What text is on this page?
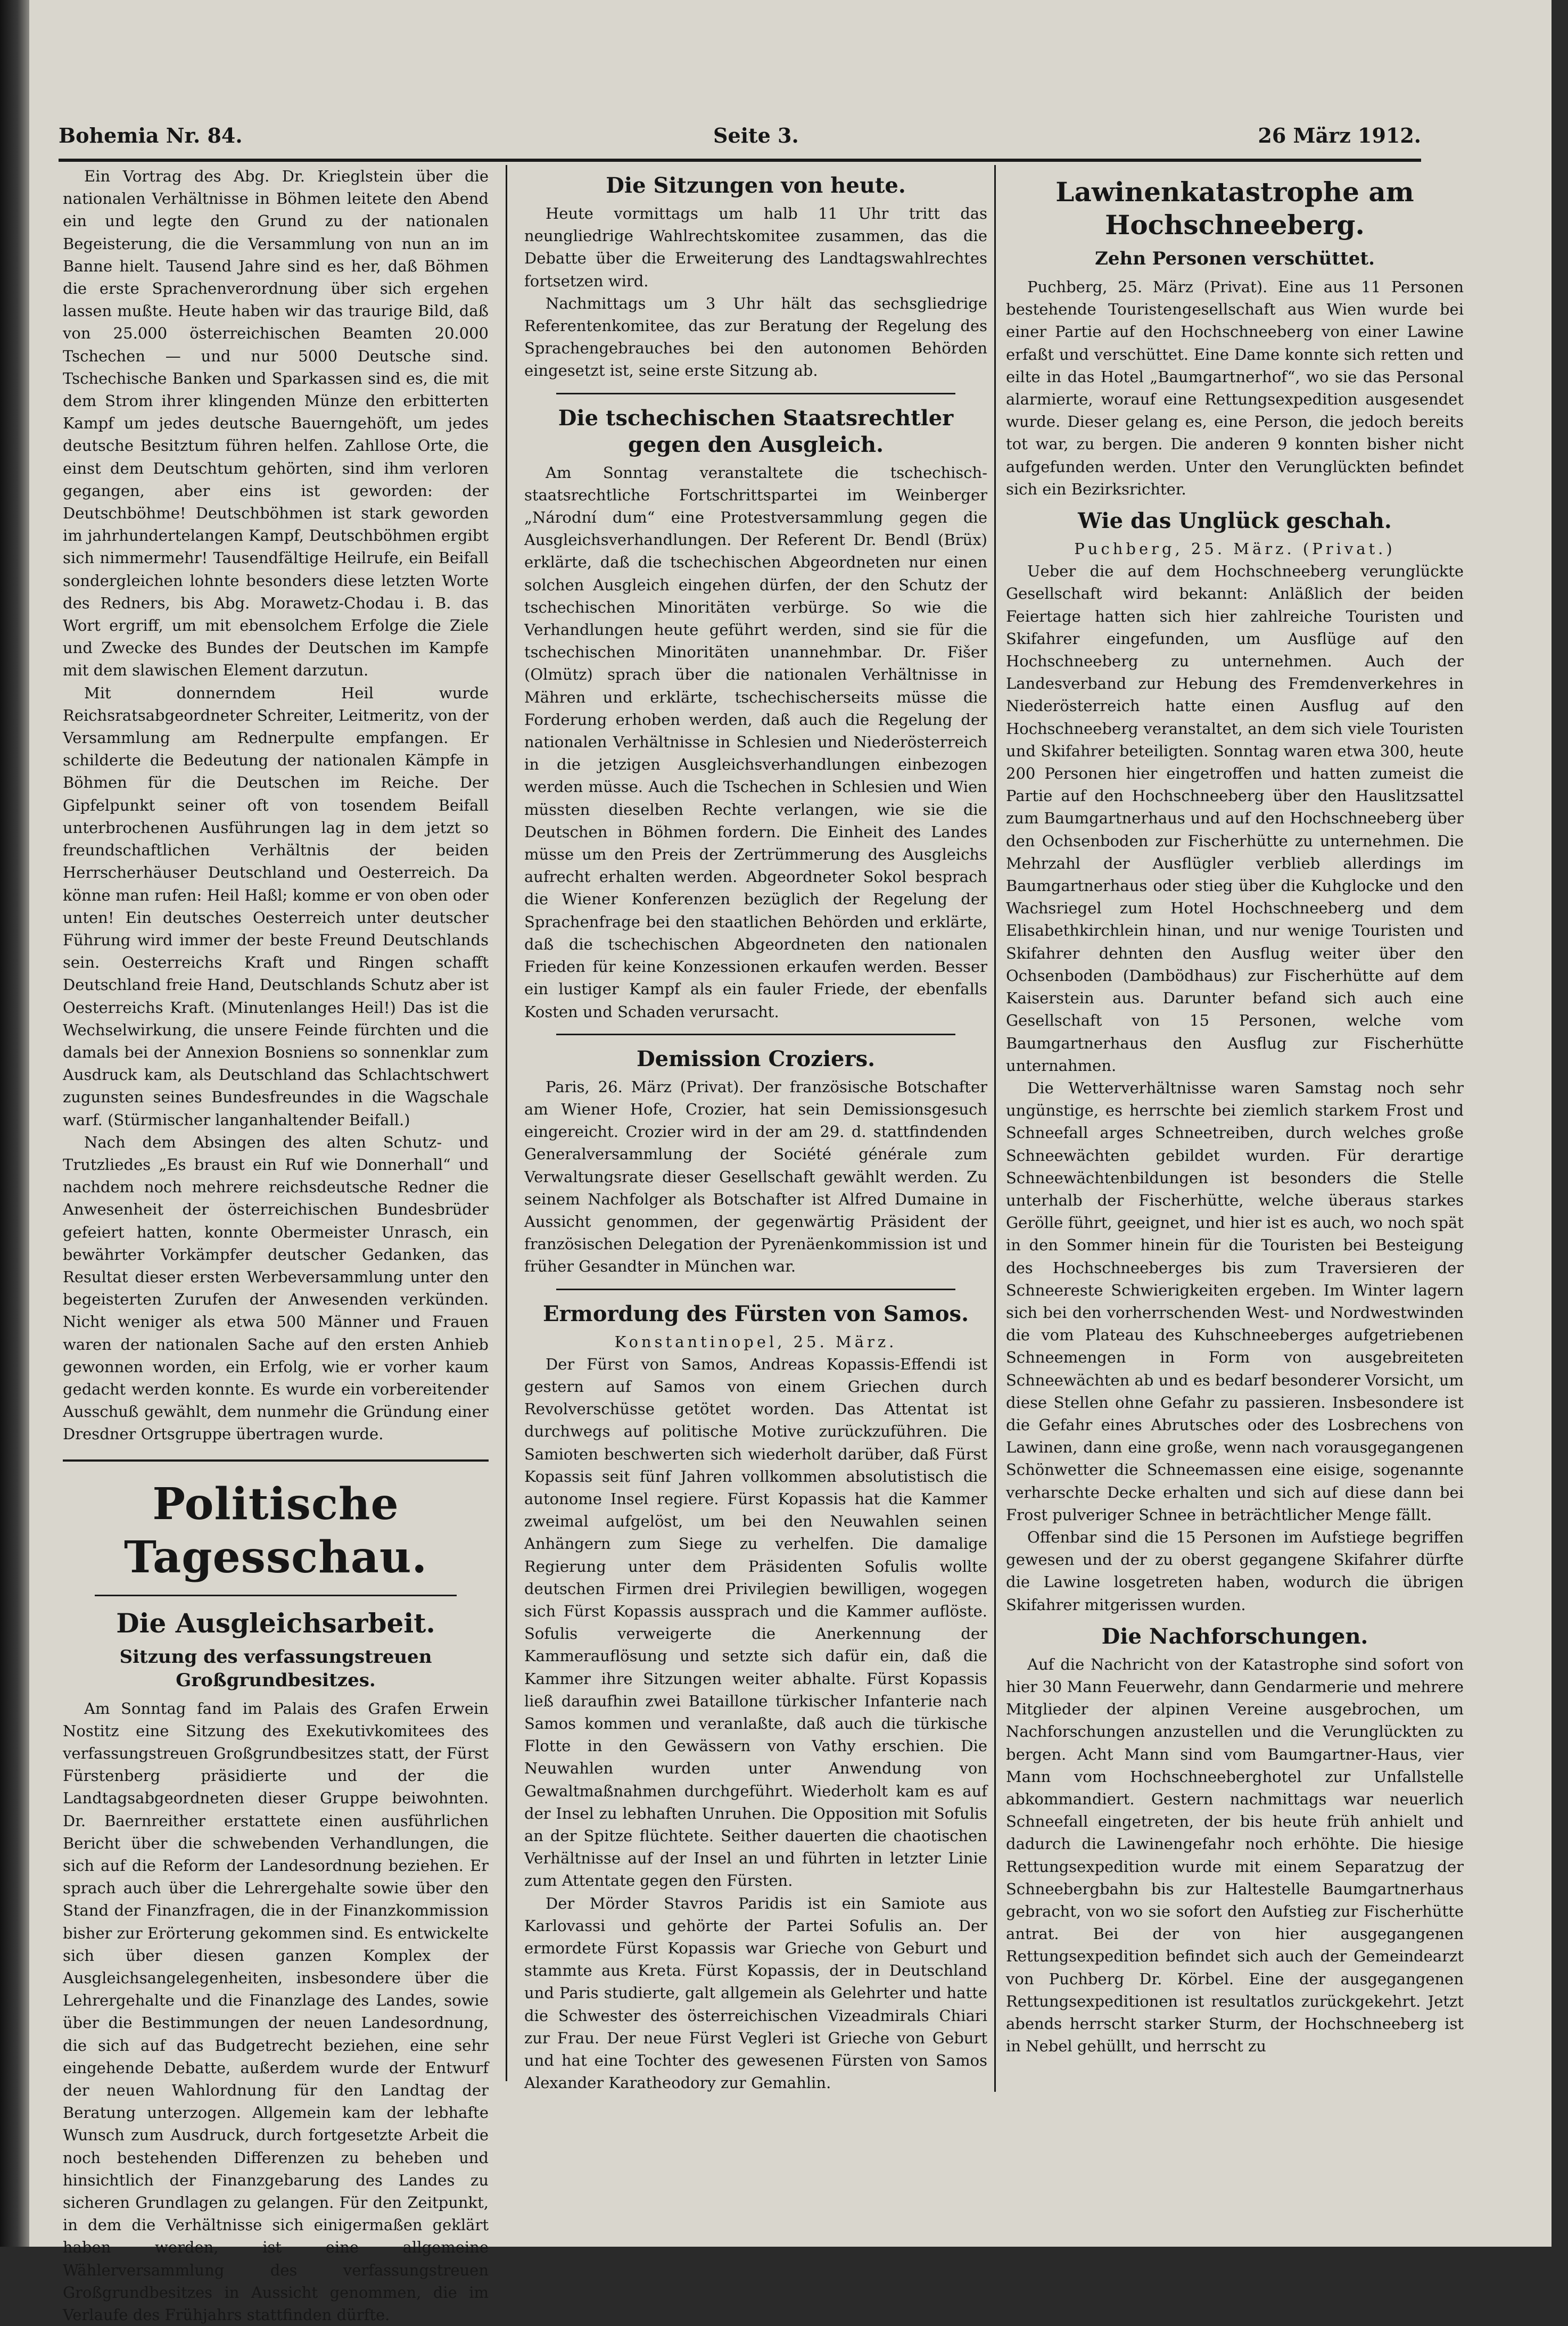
Bohemia Nr. 84.	Seite 3.	26 März 1912.

Ein Vortrag des Abg. Dr. Krieglstein über die nationalen Verhältnisse in Böhmen leitete den Abend ein und legte den Grund zu der nationalen Begeisterung, die die Versammlung von nun an im Banne hielt. Tausend Jahre sind es her, daß Böhmen die erste Sprachenverordnung über sich ergehen lassen mußte. Heute haben wir das traurige Bild, daß von 25.000 österreichischen Beamten 20.000 Tschechen — und nur 5000 Deutsche sind. Tschechische Banken und Sparkassen sind es, die mit dem Strom ihrer klingenden Münze den erbitterten Kampf um jedes deutsche Bauerngehöft, um jedes deutsche Besitztum führen helfen. Zahllose Orte, die einst dem Deutschtum gehörten, sind ihm verloren gegangen, aber eins ist geworden: der Deutschböhme! Deutschböhmen ist stark geworden im jahrhundertelangen Kampf, Deutschböhmen ergibt sich nimmermehr! Tausendfältige Heilrufe, ein Beifall sondergleichen lohnte besonders diese letzten Worte des Redners, bis Abg. Morawetz-Chodau i. B. das Wort ergriff, um mit ebensolchem Erfolge die Ziele und Zwecke des Bundes der Deutschen im Kampfe mit dem slawischen Element darzutun.

Mit donnerndem Heil wurde Reichsratsabgeordneter Schreiter, Leitmeritz, von der Versammlung am Rednerpulte empfangen. Er schilderte die Bedeutung der nationalen Kämpfe in Böhmen für die Deutschen im Reiche. Der Gipfelpunkt seiner oft von tosendem Beifall unterbrochenen Ausführungen lag in dem jetzt so freundschaftlichen Verhältnis der beiden Herrscherhäuser Deutschland und Oesterreich. Da könne man rufen: Heil Haßl; komme er von oben oder unten! Ein deutsches Oesterreich unter deutscher Führung wird immer der beste Freund Deutschlands sein. Oesterreichs Kraft und Ringen schafft Deutschland freie Hand, Deutschlands Schutz aber ist Oesterreichs Kraft. (Minutenlanges Heil!) Das ist die Wechselwirkung, die unsere Feinde fürchten und die damals bei der Annexion Bosniens so sonnenklar zum Ausdruck kam, als Deutschland das Schlachtschwert zugunsten seines Bundesfreundes in die Wagschale warf. (Stürmischer langanhaltender Beifall.)

Nach dem Absingen des alten Schutz- und Trutzliedes „Es braust ein Ruf wie Donnerhall“ und nachdem noch mehrere reichsdeutsche Redner die Anwesenheit der österreichischen Bundesbrüder gefeiert hatten, konnte Obermeister Unrasch, ein bewährter Vorkämpfer deutscher Gedanken, das Resultat dieser ersten Werbeversammlung unter den begeisterten Zurufen der Anwesenden verkünden. Nicht weniger als etwa 500 Männer und Frauen waren der nationalen Sache auf den ersten Anhieb gewonnen worden, ein Erfolg, wie er vorher kaum gedacht werden konnte. Es wurde ein vorbereitender Ausschuß gewählt, dem nunmehr die Gründung einer Dresdner Ortsgruppe übertragen wurde.

Politische Tagesschau.
Die Ausgleichsarbeit.
Sitzung des verfassungstreuen Großgrundbesitzes.

Am Sonntag fand im Palais des Grafen Erwein Nostitz eine Sitzung des Exekutivkomitees des verfassungstreuen Großgrundbesitzes statt, der Fürst Fürstenberg präsidierte und der die Landtagsabgeordneten dieser Gruppe beiwohnten. Dr. Baernreither erstattete einen ausführlichen Bericht über die schwebenden Verhandlungen, die sich auf die Reform der Landesordnung beziehen. Er sprach auch über die Lehrergehalte sowie über den Stand der Finanzfragen, die in der Finanzkommission bisher zur Erörterung gekommen sind. Es entwickelte sich über diesen ganzen Komplex der Ausgleichsangelegenheiten, insbesondere über die Lehrergehalte und die Finanzlage des Landes, sowie über die Bestimmungen der neuen Landesordnung, die sich auf das Budgetrecht beziehen, eine sehr eingehende Debatte, außerdem wurde der Entwurf der neuen Wahlordnung für den Landtag der Beratung unterzogen. Allgemein kam der lebhafte Wunsch zum Ausdruck, durch fortgesetzte Arbeit die noch bestehenden Differenzen zu beheben und hinsichtlich der Finanzgebarung des Landes zu sicheren Grundlagen zu gelangen. Für den Zeitpunkt, in dem die Verhältnisse sich einigermaßen geklärt haben werden, ist eine allgemeine Wählerversammlung des verfassungstreuen Großgrundbesitzes in Aussicht genommen, die im Verlaufe des Frühjahrs stattfinden dürfte.

Die Sitzungen von heute.

Heute vormittags um halb 11 Uhr tritt das neungliedrige Wahlrechtskomitee zusammen, das die Debatte über die Erweiterung des Landtagswahlrechtes fortsetzen wird.

Nachmittags um 3 Uhr hält das sechsgliedrige Referentenkomitee, das zur Beratung der Regelung des Sprachengebrauches bei den autonomen Behörden eingesetzt ist, seine erste Sitzung ab.

Die tschechischen Staatsrechtler gegen den Ausgleich.

Am Sonntag veranstaltete die tschechisch-staatsrechtliche Fortschrittspartei im Weinberger „Národní dum“ eine Protestversammlung gegen die Ausgleichsverhandlungen. Der Referent Dr. Bendl (Brüx) erklärte, daß die tschechischen Abgeordneten nur einen solchen Ausgleich eingehen dürfen, der den Schutz der tschechischen Minoritäten verbürge. So wie die Verhandlungen heute geführt werden, sind sie für die tschechischen Minoritäten unannehmbar. Dr. Fišer (Olmütz) sprach über die nationalen Verhältnisse in Mähren und erklärte, tschechischerseits müsse die Forderung erhoben werden, daß auch die Regelung der nationalen Verhältnisse in Schlesien und Niederösterreich in die jetzigen Ausgleichsverhandlungen einbezogen werden müsse. Auch die Tschechen in Schlesien und Wien müssten dieselben Rechte verlangen, wie sie die Deutschen in Böhmen fordern. Die Einheit des Landes müsse um den Preis der Zertrümmerung des Ausgleichs aufrecht erhalten werden. Abgeordneter Sokol besprach die Wiener Konferenzen bezüglich der Regelung der Sprachenfrage bei den staatlichen Behörden und erklärte, daß die tschechischen Abgeordneten den nationalen Frieden für keine Konzessionen erkaufen werden. Besser ein lustiger Kampf als ein fauler Friede, der ebenfalls Kosten und Schaden verursacht.

Demission Croziers.

Paris, 26. März (Privat). Der französische Botschafter am Wiener Hofe, Crozier, hat sein Demissionsgesuch eingereicht. Crozier wird in der am 29. d. stattfindenden Generalversammlung der Société générale zum Verwaltungsrate dieser Gesellschaft gewählt werden. Zu seinem Nachfolger als Botschafter ist Alfred Dumaine in Aussicht genommen, der gegenwärtig Präsident der französischen Delegation der Pyrenäenkommission ist und früher Gesandter in München war.

Ermordung des Fürsten von Samos.

Konstantinopel, 25. März.

Der Fürst von Samos, Andreas Kopassis-Effendi ist gestern auf Samos von einem Griechen durch Revolverschüsse getötet worden. Das Attentat ist durchwegs auf politische Motive zurückzuführen. Die Samioten beschwerten sich wiederholt darüber, daß Fürst Kopassis seit fünf Jahren vollkommen absolutistisch die autonome Insel regiere. Fürst Kopassis hat die Kammer zweimal aufgelöst, um bei den Neuwahlen seinen Anhängern zum Siege zu verhelfen. Die damalige Regierung unter dem Präsidenten Sofulis wollte deutschen Firmen drei Privilegien bewilligen, wogegen sich Fürst Kopassis aussprach und die Kammer auflöste. Sofulis verweigerte die Anerkennung der Kammerauflösung und setzte sich dafür ein, daß die Kammer ihre Sitzungen weiter abhalte. Fürst Kopassis ließ daraufhin zwei Bataillone türkischer Infanterie nach Samos kommen und veranlaßte, daß auch die türkische Flotte in den Gewässern von Vathy erschien. Die Neuwahlen wurden unter Anwendung von Gewaltmaßnahmen durchgeführt. Wiederholt kam es auf der Insel zu lebhaften Unruhen. Die Opposition mit Sofulis an der Spitze flüchtete. Seither dauerten die chaotischen Verhältnisse auf der Insel an und führten in letzter Linie zum Attentate gegen den Fürsten.

Der Mörder Stavros Paridis ist ein Samiote aus Karlovassi und gehörte der Partei Sofulis an. Der ermordete Fürst Kopassis war Grieche von Geburt und stammte aus Kreta. Fürst Kopassis, der in Deutschland und Paris studierte, galt allgemein als Gelehrter und hatte die Schwester des österreichischen Vizeadmirals Chiari zur Frau. Der neue Fürst Vegleri ist Grieche von Geburt und hat eine Tochter des gewesenen Fürsten von Samos Alexander Karatheodory zur Gemahlin.

Lawinenkatastrophe am Hochschneeberg.
Zehn Personen verschüttet.

Puchberg, 25. März (Privat). Eine aus 11 Personen bestehende Touristengesellschaft aus Wien wurde bei einer Partie auf den Hochschneeberg von einer Lawine erfaßt und verschüttet. Eine Dame konnte sich retten und eilte in das Hotel „Baumgartnerhof“, wo sie das Personal alarmierte, worauf eine Rettungsexpedition ausgesendet wurde. Dieser gelang es, eine Person, die jedoch bereits tot war, zu bergen. Die anderen 9 konnten bisher nicht aufgefunden werden. Unter den Verunglückten befindet sich ein Bezirksrichter.

Wie das Unglück geschah.

Puchberg, 25. März. (Privat.)

Ueber die auf dem Hochschneeberg verunglückte Gesellschaft wird bekannt: Anläßlich der beiden Feiertage hatten sich hier zahlreiche Touristen und Skifahrer eingefunden, um Ausflüge auf den Hochschneeberg zu unternehmen. Auch der Landesverband zur Hebung des Fremdenverkehres in Niederösterreich hatte einen Ausflug auf den Hochschneeberg veranstaltet, an dem sich viele Touristen und Skifahrer beteiligten. Sonntag waren etwa 300, heute 200 Personen hier eingetroffen und hatten zumeist die Partie auf den Hochschneeberg über den Hauslitzsattel zum Baumgartnerhaus und auf den Hochschneeberg über den Ochsenboden zur Fischerhütte zu unternehmen. Die Mehrzahl der Ausflügler verblieb allerdings im Baumgartnerhaus oder stieg über die Kuhglocke und den Wachsriegel zum Hotel Hochschneeberg und dem Elisabethkirchlein hinan, und nur wenige Touristen und Skifahrer dehnten den Ausflug weiter über den Ochsenboden (Dambödhaus) zur Fischerhütte auf dem Kaiserstein aus. Darunter befand sich auch eine Gesellschaft von 15 Personen, welche vom Baumgartnerhaus den Ausflug zur Fischerhütte unternahmen.

Die Wetterverhältnisse waren Samstag noch sehr ungünstige, es herrschte bei ziemlich starkem Frost und Schneefall arges Schneetreiben, durch welches große Schneewächten gebildet wurden. Für derartige Schneewächtenbildungen ist besonders die Stelle unterhalb der Fischerhütte, welche überaus starkes Gerölle führt, geeignet, und hier ist es auch, wo noch spät in den Sommer hinein für die Touristen bei Besteigung des Hochschneeberges bis zum Traversieren der Schneereste Schwierigkeiten ergeben. Im Winter lagern sich bei den vorherrschenden West- und Nordwestwinden die vom Plateau des Kuhschneeberges aufgetriebenen Schneemengen in Form von ausgebreiteten Schneewächten ab und es bedarf besonderer Vorsicht, um diese Stellen ohne Gefahr zu passieren. Insbesondere ist die Gefahr eines Abrutsches oder des Losbrechens von Lawinen, dann eine große, wenn nach vorausgegangenen Schönwetter die Schneemassen eine eisige, sogenannte verharschte Decke erhalten und sich auf diese dann bei Frost pulveriger Schnee in beträchtlicher Menge fällt.

Offenbar sind die 15 Personen im Aufstiege begriffen gewesen und der zu oberst gegangene Skifahrer dürfte die Lawine losgetreten haben, wodurch die übrigen Skifahrer mitgerissen wurden.

Die Nachforschungen.

Auf die Nachricht von der Katastrophe sind sofort von hier 30 Mann Feuerwehr, dann Gendarmerie und mehrere Mitglieder der alpinen Vereine ausgebrochen, um Nachforschungen anzustellen und die Verunglückten zu bergen. Acht Mann sind vom Baumgartner-Haus, vier Mann vom Hochschneeberghotel zur Unfallstelle abkommandiert. Gestern nachmittags war neuerlich Schneefall eingetreten, der bis heute früh anhielt und dadurch die Lawinengefahr noch erhöhte. Die hiesige Rettungsexpedition wurde mit einem Separatzug der Schneebergbahn bis zur Haltestelle Baumgartnerhaus gebracht, von wo sie sofort den Aufstieg zur Fischerhütte antrat. Bei der von hier ausgegangenen Rettungsexpedition befindet sich auch der Gemeindearzt von Puchberg Dr. Körbel. Eine der ausgegangenen Rettungsexpeditionen ist resultatlos zurückgekehrt. Jetzt abends herrscht starker Sturm, der Hochschneeberg ist in Nebel gehüllt, und herrscht zu
